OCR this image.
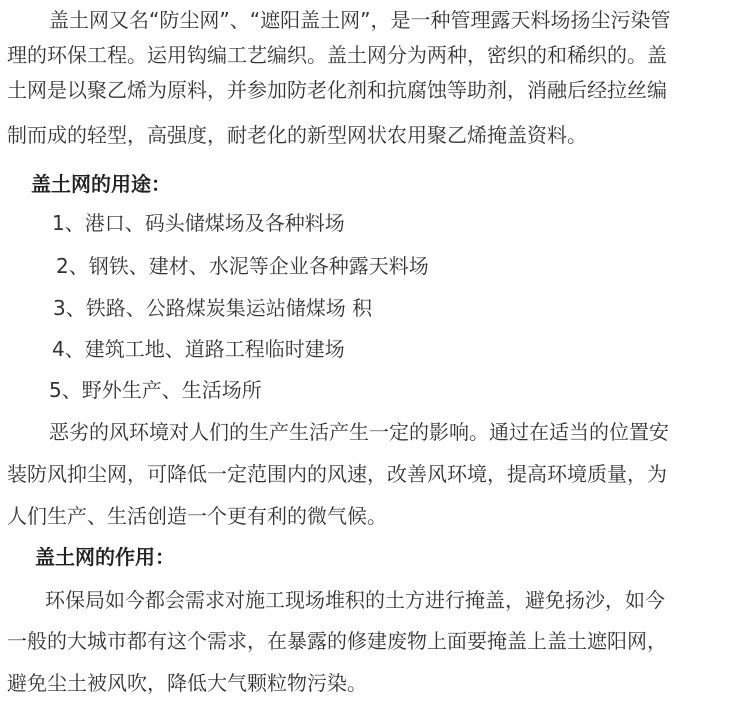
盖土网又名“防尘网”、“遮阳盖土网”，是一种管理露天料场扬尘污染管
理的环保工程。运用钩编工艺编织。盖土网分为两种，密织的和稀织的。盖
土网是以聚乙烯为原料，并参加防老化剂和抗腐蚀等助剂，消融后经拉丝编
制而成的轻型，高强度，耐老化的新型网状农用聚乙烯掩盖资料。
盖土网的用途：
1、港口、码头储煤场及各种料场
2、钢铁、建材、水泥等企业各种露天料场
3、铁路、公路煤炭集运站储煤场 积
4、建筑工地、道路工程临时建场
5、野外生产、生活场所
恶劣的风环境对人们的生产生活产生一定的影响。通过在适当的位置安
装防风抑尘网，可降低一定范围内的风速，改善风环境，提高环境质量，为
人们生产、生活创造一个更有利的微气候。
盖土网的作用：
环保局如今都会需求对施工现场堆积的土方进行掩盖，避免扬沙，如今
一般的大城市都有这个需求，在暴露的修建废物上面要掩盖上盖土遮阳网，
避免尘土被风吹，降低大气颗粒物污染。
